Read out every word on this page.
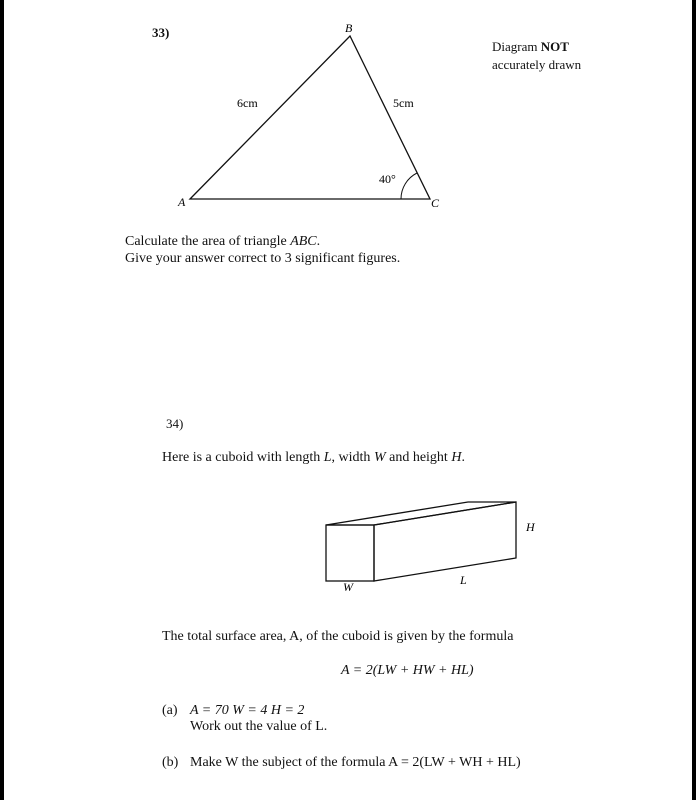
33)	B
A	C
6cm	5cm
40°
Diagram NOT
accurately drawn
Calculate the area of triangle ABC.
Give your answer correct to 3 significant figures.
34)
Here is a cuboid with length L, width W and height H.
H
L
W
The total surface area, A, of the cuboid is given by the formula
A = 2(LW + HW + HL)
(a) A = 70 W = 4 H = 2
Work out the value of L.
(b) Make W the subject of the formula A = 2(LW + WH + HL)
